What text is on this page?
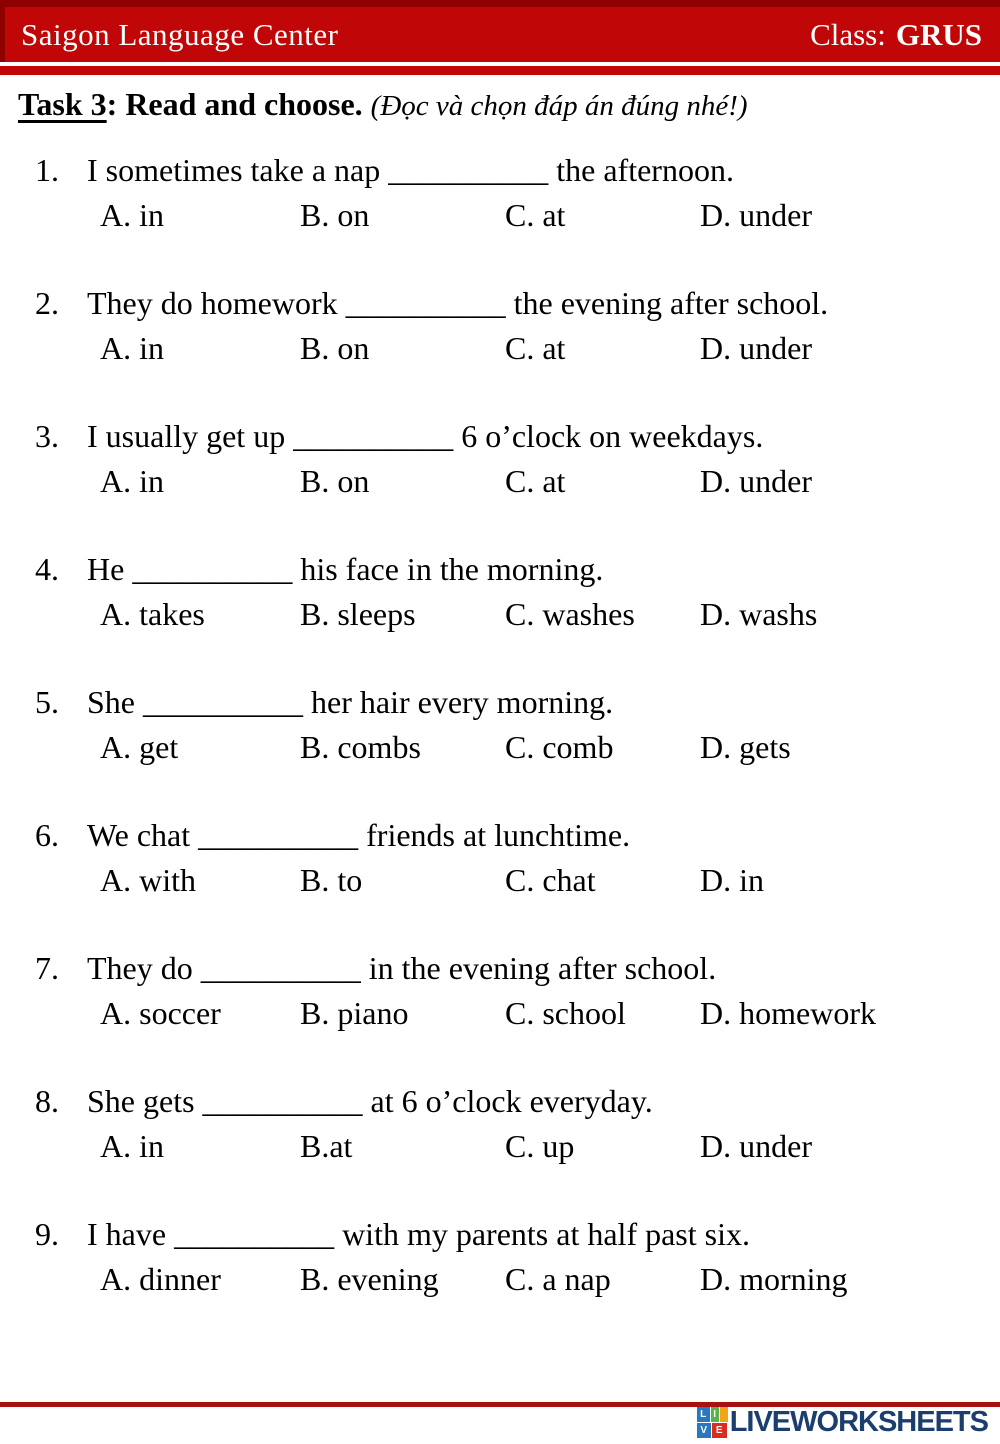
Saigon Language Center	Class: GRUS
Task 3: Read and choose. (Đọc và chọn đáp án đúng nhé!)
1. I sometimes take a nap __________ the afternoon.
A. in	B. on	C. at	D. under
2. They do homework __________ the evening after school.
A. in	B. on	C. at	D. under
3. I usually get up __________ 6 o’clock on weekdays.
A. in	B. on	C. at	D. under
4. He __________ his face in the morning.
A. takes	B. sleeps	C. washes	D. washs
5. She __________ her hair every morning.
A. get	B. combs	C. comb	D. gets
6. We chat __________ friends at lunchtime.
A. with	B. to	C. chat	D. in
7. They do __________ in the evening after school.
A. soccer	B. piano	C. school	D. homework
8. She gets __________ at 6 o’clock everyday.
A. in	B.at	C. up	D. under
9. I have __________ with my parents at half past six.
A. dinner	B. evening	C. a nap	D. morning
L I
V E LIVEWORKSHEETS
